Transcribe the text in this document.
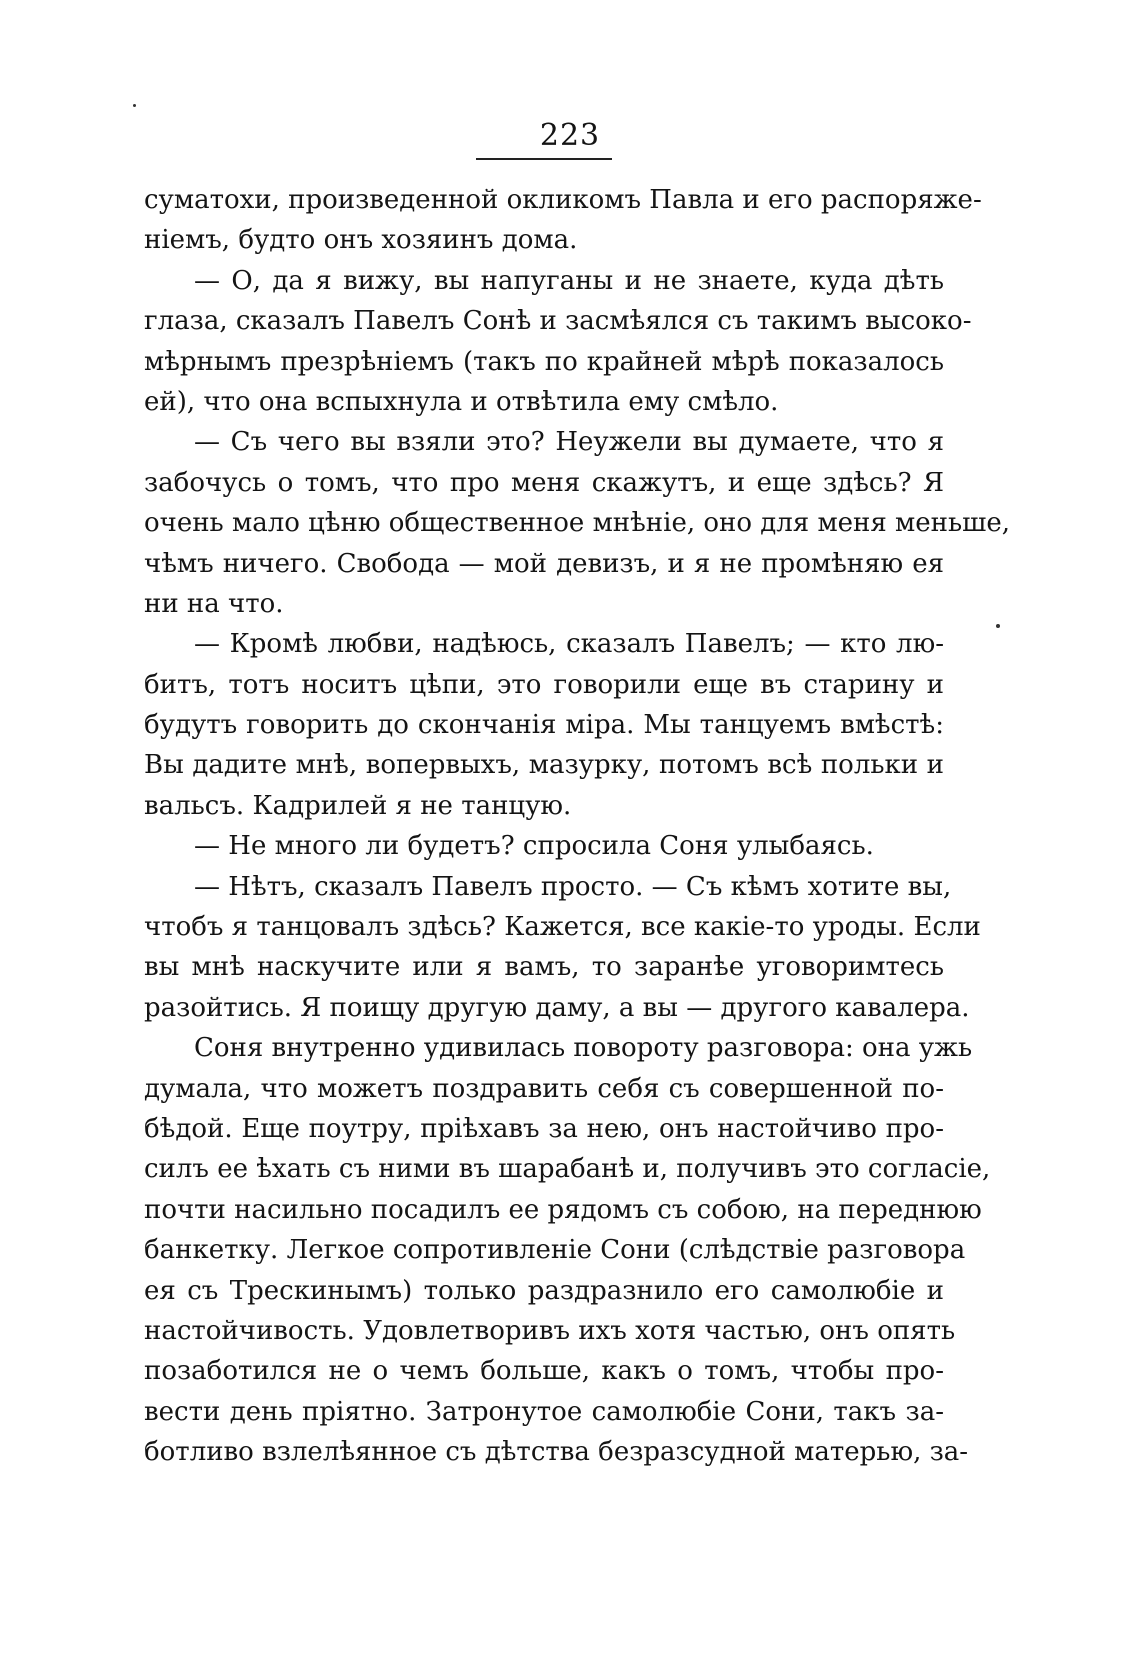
223
суматохи, произведенной окликомъ Павла и его распоряже-
ніемъ, будто онъ хозяинъ дома.
— О, да я вижу, вы напуганы и не знаете, куда дѣть
глаза, сказалъ Павелъ Сонѣ и засмѣялся съ такимъ высоко-
мѣрнымъ презрѣніемъ (такъ по крайней мѣрѣ показалось
ей), что она вспыхнула и отвѣтила ему смѣло.
— Съ чего вы взяли это? Неужели вы думаете, что я
забочусь о томъ, что про меня скажутъ, и еще здѣсь? Я
очень мало цѣню общественное мнѣніе, оно для меня меньше,
чѣмъ ничего. Свобода — мой девизъ, и я не промѣняю ея
ни на что.
— Кромѣ любви, надѣюсь, сказалъ Павелъ; — кто лю-
битъ, тотъ носитъ цѣпи, это говорили еще въ старину и
будутъ говорить до скончанія міра. Мы танцуемъ вмѣстѣ:
Вы дадите мнѣ, вопервыхъ, мазурку, потомъ всѣ польки и
вальсъ. Кадрилей я не танцую.
— Не много ли будетъ? спросила Соня улыбаясь.
— Нѣтъ, сказалъ Павелъ просто. — Съ кѣмъ хотите вы,
чтобъ я танцовалъ здѣсь? Кажется, все какіе-то уроды. Если
вы мнѣ наскучите или я вамъ, то заранѣе уговоримтесь
разойтись. Я поищу другую даму, а вы — другого кавалера.
Соня внутренно удивилась повороту разговора: она ужь
думала, что можетъ поздравить себя съ совершенной по-
бѣдой. Еще поутру, пріѣхавъ за нею, онъ настойчиво про-
силъ ее ѣхать съ ними въ шарабанѣ и, получивъ это согласіе,
почти насильно посадилъ ее рядомъ съ собою, на переднюю
банкетку. Легкое сопротивленіе Сони (слѣдствіе разговора
ея съ Трескинымъ) только раздразнило его самолюбіе и
настойчивость. Удовлетворивъ ихъ хотя частью, онъ опять
позаботился не о чемъ больше, какъ о томъ, чтобы про-
вести день пріятно. Затронутое самолюбіе Сони, такъ за-
ботливо взлелѣянное съ дѣтства безразсудной матерью, за-
